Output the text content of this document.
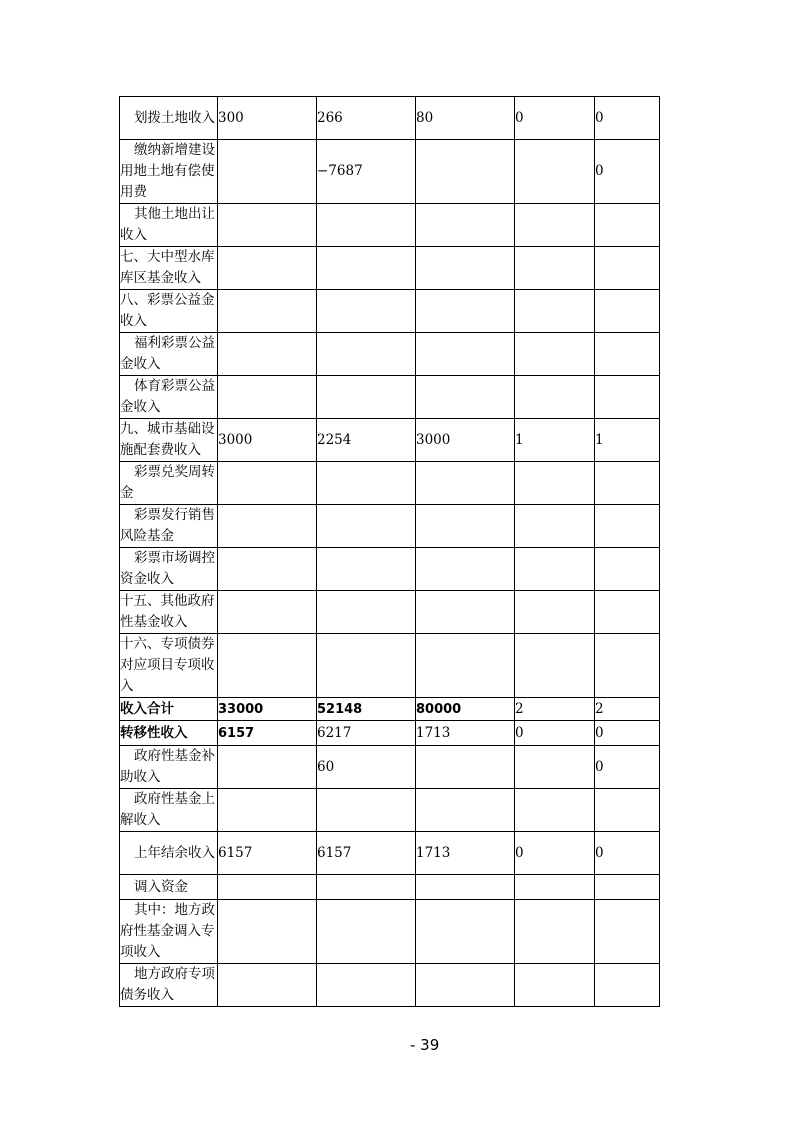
划拨土地收入	300	266	80	0	0
缴纳新增建设用地土地有偿使用费		−7687			0
其他土地出让收入					
七、大中型水库库区基金收入					
八、彩票公益金收入					
福利彩票公益金收入					
体育彩票公益金收入					
九、城市基础设施配套费收入	3000	2254	3000	1	1
彩票兑奖周转金					
彩票发行销售风险基金					
彩票市场调控资金收入					
十五、其他政府性基金收入					
十六、专项债券对应项目专项收入					
收入合计	33000	52148	80000	2	2
转移性收入	6157	6217	1713	0	0
政府性基金补助收入		60			0
政府性基金上解收入					
上年结余收入	6157	6157	1713	0	0
调入资金					
其中：地方政府性基金调入专项收入					
地方政府专项债务收入					
- 39
